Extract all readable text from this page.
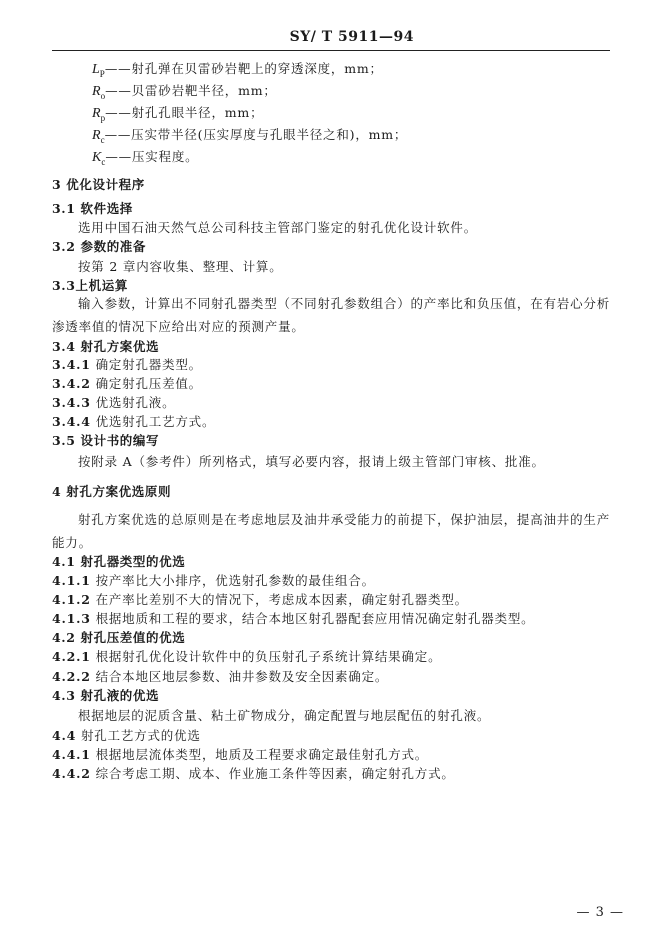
SY/ T 5911—94
$L_P——$射孔弹在贝雷砂岩靶上的穿透深度，mm；
$R_o——$贝雷砂岩靶半径，mm；
$R_p——$射孔孔眼半径，mm；
$R_c——$压实带半径(压实厚度与孔眼半径之和)，mm；
$K_c——$压实程度。
3 优化设计程序
3.1 软件选择
选用中国石油天然气总公司科技主管部门鉴定的射孔优化设计软件。
3.2 参数的准备
按第 2 章内容收集、整理、计算。
3.3上机运算
输入参数，计算出不同射孔器类型（不同射孔参数组合）的产率比和负压值，在有岩心分析渗透率值的情况下应给出对应的预测产量。
3.4 射孔方案优选
3.4.1 确定射孔器类型。
3.4.2 确定射孔压差值。
3.4.3 优选射孔液。
3.4.4 优选射孔工艺方式。
3.5 设计书的编写
按附录 A（参考件）所列格式，填写必要内容，报请上级主管部门审核、批准。
4 射孔方案优选原则
射孔方案优选的总原则是在考虑地层及油井承受能力的前提下，保护油层，提高油井的生产能力。
4.1 射孔器类型的优选
4.1.1 按产率比大小排序，优选射孔参数的最佳组合。
4.1.2 在产率比差别不大的情况下，考虑成本因素，确定射孔器类型。
4.1.3 根据地质和工程的要求，结合本地区射孔器配套应用情况确定射孔器类型。
4.2 射孔压差值的优选
4.2.1 根据射孔优化设计软件中的负压射孔子系统计算结果确定。
4.2.2 结合本地区地层参数、油井参数及安全因素确定。
4.3 射孔液的优选
根据地层的泥质含量、粘土矿物成分，确定配置与地层配伍的射孔液。
4.4 射孔工艺方式的优选
4.4.1 根据地层流体类型，地质及工程要求确定最佳射孔方式。
4.4.2 综合考虑工期、成本、作业施工条件等因素，确定射孔方式。
— 3 —
